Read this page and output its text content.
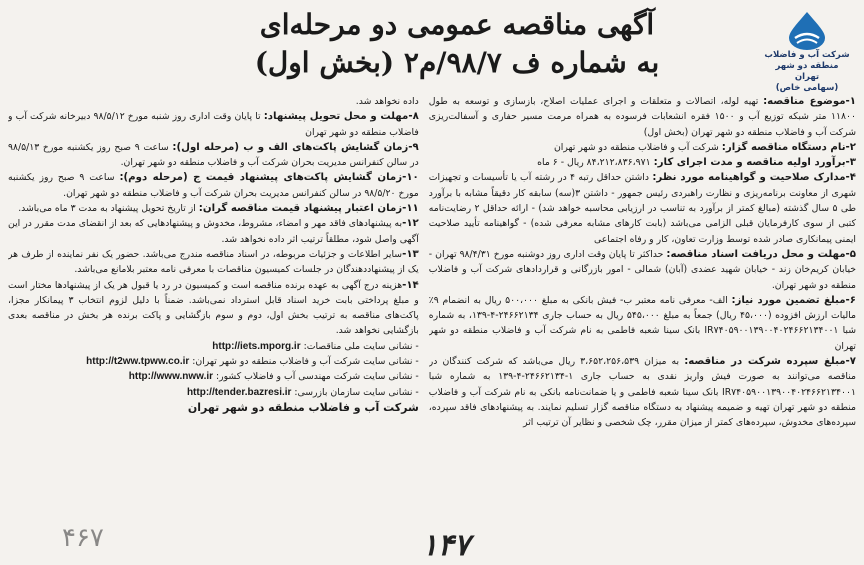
شرکت آب و فاضلاب
منطقه دو شهر تهران
(سهامی خاص)
آگهی مناقصه عمومی دو مرحله‌ای
به شماره ف ۹۸/۷/م۲ (بخش اول)

۱-موضوع مناقصه: تهیه لوله، اتصالات و متعلقات و اجرای عملیات اصلاح، بازسازی و توسعه به طول ۱۱۸۰۰ متر شبکه توزیع آب و ۱۵۰۰ فقره انشعابات فرسوده به همراه مرمت مسیر حفاری و آسفالت‌ریزی شرکت آب و فاضلاب منطقه دو شهر تهران (بخش اول)

۲-نام دستگاه مناقصه گزار: شرکت آب و فاضلاب منطقه دو شهر تهران

۳-برآورد اولیه مناقصه و مدت اجرای کار: ۸۴،۲۱۲،۸۳۶،۹۷۱ ریال - ۶ ماه

۴-مدارک صلاحیت و گواهینامه مورد نظر: داشتن حداقل رتبه ۴ در رشته آب یا تأسیسات و تجهیزات شهری از معاونت برنامه‌ریزی و نظارت راهبردی رئیس جمهور - داشتن ۳(سه) سابقه کار دقیقاً مشابه با برآورد طی ۵ سال گذشته (مبالغ کمتر از برآورد به تناسب در ارزیابی محاسبه خواهد شد) - ارائه حداقل ۲ رضایت‌نامه کتبی از سوی کارفرمایان قبلی الزامی می‌باشد (بابت کارهای مشابه معرفی شده) - گواهینامه تأیید صلاحیت ایمنی پیمانکاری صادر شده توسط وزارت تعاون، کار و رفاه اجتماعی

۵-مهلت و محل دریافت اسناد مناقصه: حداکثر تا پایان وقت اداری روز دوشنبه مورخ ۹۸/۴/۳۱ تهران - خیابان کریم‌خان زند - خیابان شهید عضدی (آبان) شمالی - امور بازرگانی و قراردادهای شرکت آب و فاضلاب منطقه دو شهر تهران.

۶-مبلغ تضمین مورد نیاز: الف- معرفی نامه معتبر ب- فیش بانکی به مبلغ ۵۰۰،۰۰۰ ریال به انضمام ۹٪ مالیات ارزش افزوده (۴۵،۰۰۰ ریال) جمعاً به مبلغ ۵۴۵،۰۰۰ ریال به حساب جاری ۲۴۶۶۲۱۳۴-۴-۱۳۹، به شماره شبا IR۷۴۰۵۹۰۰۱۳۹۰۰۴۰۲۴۶۶۲۱۳۴۰۰۱ بانک سینا شعبه فاطمی به نام شرکت آب و فاضلاب منطقه دو شهر تهران

۷-مبلغ سپرده شرکت در مناقصه: به میزان ۳،۶۵۲،۲۵۶،۵۳۹ ریال می‌باشد که شرکت کنندگان در مناقصه می‌توانند به صورت فیش واریز نقدی به حساب جاری ۱-۲۴۶۶۲۱۳۴-۴-۱۳۹ به شماره شبا IR۷۴۰۵۹۰۰۱۳۹۰۰۴۰۲۴۶۶۲۱۳۴۰۰۱ بانک سینا شعبه فاطمی و یا ضمانت‌نامه بانکی به نام شرکت آب و فاضلاب منطقه دو شهر تهران تهیه و ضمیمه پیشنهاد به دستگاه مناقصه گزار تسلیم نمایند. به پیشنهادهای فاقد سپرده، سپرده‌های مخدوش، سپرده‌های کمتر از میزان مقرر، چک شخصی و نظایر آن ترتیب اثر

داده نخواهد شد.

۸-مهلت و محل تحویل پیشنهاد: تا پایان وقت اداری روز شنبه مورخ ۹۸/۵/۱۲ دبیرخانه شرکت آب و فاضلاب منطقه دو شهر تهران

۹-زمان گشایش پاکت‌های الف و ب (مرحله اول): ساعت ۹ صبح روز یکشنبه مورخ ۹۸/۵/۱۳ در سالن کنفرانس مدیریت بحران شرکت آب و فاضلاب منطقه دو شهر تهران.

۱۰-زمان گشایش پاکت‌های پیشنهاد قیمت ج (مرحله دوم): ساعت ۹ صبح روز یکشنبه مورخ ۹۸/۵/۲۰ در سالن کنفرانس مدیریت بحران شرکت آب و فاضلاب منطقه دو شهر تهران.

۱۱-زمان اعتبار پیشنهاد قیمت مناقصه گران: از تاریخ تحویل پیشنهاد به مدت ۳ ماه می‌باشد.

۱۲-به پیشنهادهای فاقد مهر و امضاء، مشروط، مخدوش و پیشنهادهایی که بعد از انقضای مدت مقرر در این آگهی واصل شود، مطلقاً ترتیب اثر داده نخواهد شد.

۱۳-سایر اطلاعات و جزئیات مربوطه، در اسناد مناقصه مندرج می‌باشد. حضور یک نفر نماینده از طرف هر یک از پیشنهاددهندگان در جلسات کمیسیون مناقصات با معرفی نامه معتبر بلامانع می‌باشد.

۱۴-هزینه درج آگهی به عهده برنده مناقصه است و کمیسیون در رد یا قبول هر یک از پیشنهادها مختار است و مبلغ پرداختی بابت خرید اسناد قابل استرداد نمی‌باشد. ضمناً با دلیل لزوم انتخاب ۳ پیمانکار مجزا، پاکت‌های مناقصه به ترتیب بخش اول، دوم و سوم بازگشایی و پاکت برنده هر بخش در مناقصه بعدی بازگشایی نخواهد شد.

- نشانی سایت ملی مناقصات: http://iets.mporg.ir

- نشانی سایت شرکت آب و فاضلاب منطقه دو شهر تهران: http://t2ww.tpww.co.ir

- نشانی سایت شرکت مهندسی آب و فاضلاب کشور: http://www.nww.ir

- نشانی سایت سازمان بازرسی: http://tender.bazresi.ir

شرکت آب و فاضلاب منطقه دو شهر تهران

۱۴۷
۴۶۷
